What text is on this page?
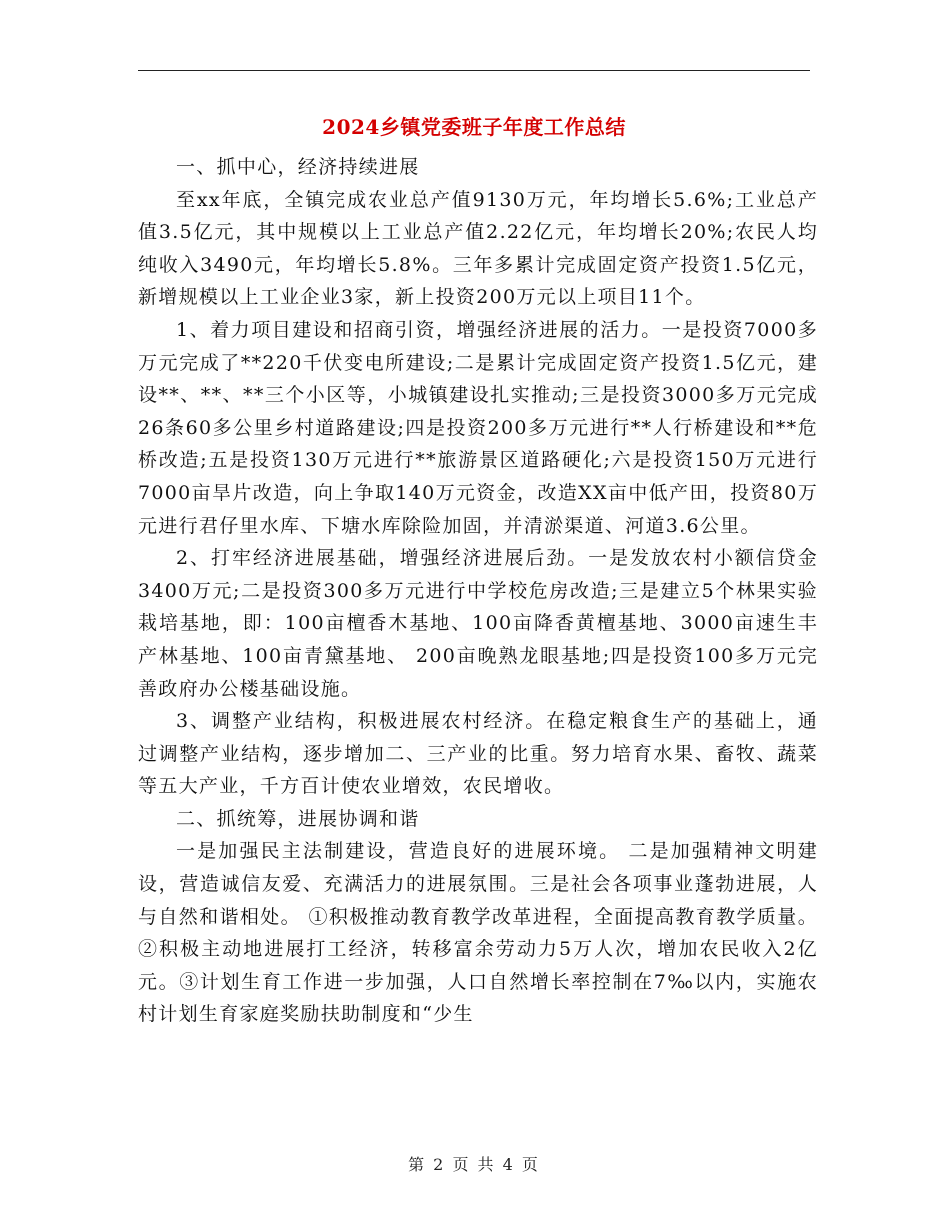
2024乡镇党委班子年度工作总结

一、抓中心，经济持续进展

至xx年底，全镇完成农业总产值9130万元，年均增长5.6%;工业总产值3.5亿元，其中规模以上工业总产值2.22亿元，年均增长20%;农民人均纯收入3490元，年均增长5.8%。三年多累计完成固定资产投资1.5亿元，新增规模以上工业企业3家，新上投资200万元以上项目11个。

1、着力项目建设和招商引资，增强经济进展的活力。一是投资7000多万元完成了**220千伏变电所建设;二是累计完成固定资产投资1.5亿元，建设**、**、**三个小区等，小城镇建设扎实推动;三是投资3000多万元完成26条60多公里乡村道路建设;四是投资200多万元进行**人行桥建设和**危桥改造;五是投资130万元进行**旅游景区道路硬化;六是投资150万元进行7000亩旱片改造，向上争取140万元资金，改造XX亩中低产田，投资80万元进行君仔里水库、下塘水库除险加固，并清淤渠道、河道3.6公里。

2、打牢经济进展基础，增强经济进展后劲。一是发放农村小额信贷金3400万元;二是投资300多万元进行中学校危房改造;三是建立5个林果实验栽培基地，即：100亩檀香木基地、100亩降香黄檀基地、3000亩速生丰产林基地、100亩青黛基地、 200亩晚熟龙眼基地;四是投资100多万元完善政府办公楼基础设施。

3、调整产业结构，积极进展农村经济。在稳定粮食生产的基础上，通过调整产业结构，逐步增加二、三产业的比重。努力培育水果、畜牧、蔬菜等五大产业，千方百计使农业增效，农民增收。

二、抓统筹，进展协调和谐

一是加强民主法制建设，营造良好的进展环境。 二是加强精神文明建设，营造诚信友爱、充满活力的进展氛围。三是社会各项事业蓬勃进展，人与自然和谐相处。 ①积极推动教育教学改革进程，全面提高教育教学质量。②积极主动地进展打工经济，转移富余劳动力5万人次，增加农民收入2亿元。③计划生育工作进一步加强，人口自然增长率控制在7‰以内，实施农村计划生育家庭奖励扶助制度和“少生

第 2 页 共 4 页
